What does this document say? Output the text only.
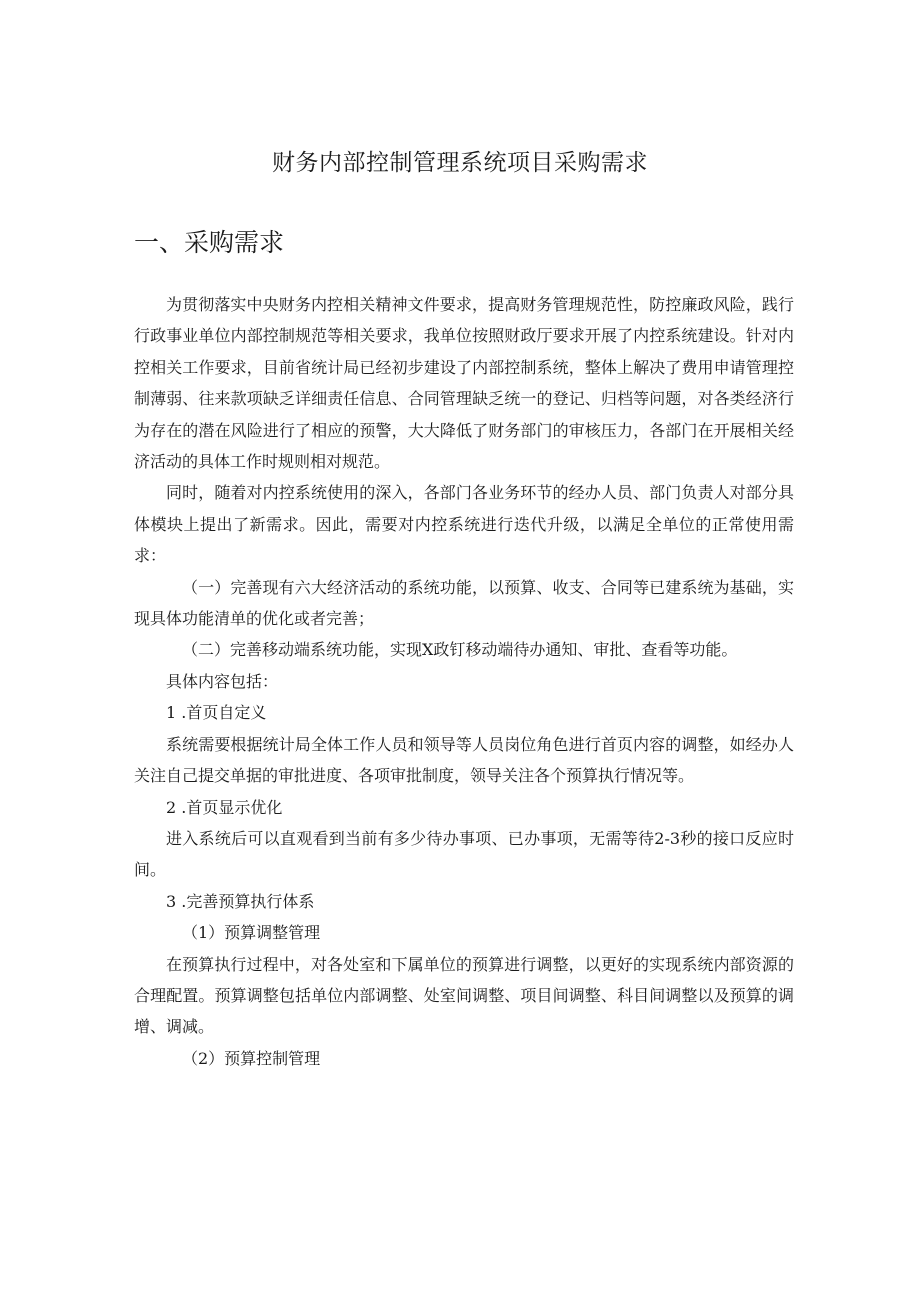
财务内部控制管理系统项目采购需求
一、采购需求

为贯彻落实中央财务内控相关精神文件要求，提高财务管理规范性，防控廉政风险，践行行政事业单位内部控制规范等相关要求，我单位按照财政厅要求开展了内控系统建设。针对内控相关工作要求，目前省统计局已经初步建设了内部控制系统，整体上解决了费用申请管理控制薄弱、往来款项缺乏详细责任信息、合同管理缺乏统一的登记、归档等问题，对各类经济行为存在的潜在风险进行了相应的预警，大大降低了财务部门的审核压力，各部门在开展相关经济活动的具体工作时规则相对规范。

同时，随着对内控系统使用的深入，各部门各业务环节的经办人员、部门负责人对部分具体模块上提出了新需求。因此，需要对内控系统进行迭代升级，以满足全单位的正常使用需求：

（一）完善现有六大经济活动的系统功能，以预算、收支、合同等已建系统为基础，实现具体功能清单的优化或者完善；

（二）完善移动端系统功能，实现X政钉移动端待办通知、审批、查看等功能。

具体内容包括：

1 .首页自定义

系统需要根据统计局全体工作人员和领导等人员岗位角色进行首页内容的调整，如经办人关注自己提交单据的审批进度、各项审批制度，领导关注各个预算执行情况等。

2 .首页显示优化

进入系统后可以直观看到当前有多少待办事项、已办事项，无需等待2-3秒的接口反应时间。

3 .完善预算执行体系

（1）预算调整管理

在预算执行过程中，对各处室和下属单位的预算进行调整，以更好的实现系统内部资源的合理配置。预算调整包括单位内部调整、处室间调整、项目间调整、科目间调整以及预算的调增、调减。

（2）预算控制管理
